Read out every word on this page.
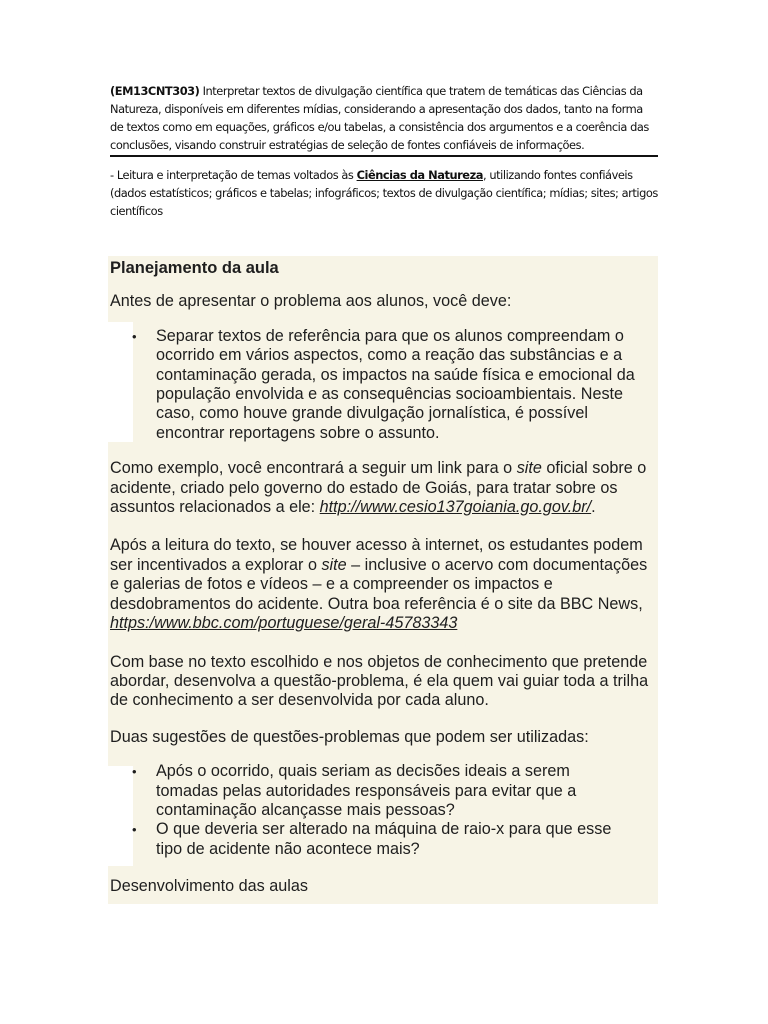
(EM13CNT303) Interpretar textos de divulgação científica que tratem de temáticas das Ciências da Natureza, disponíveis em diferentes mídias, considerando a apresentação dos dados, tanto na forma de textos como em equações, gráficos e/ou tabelas, a consistência dos argumentos e a coerência das conclusões, visando construir estratégias de seleção de fontes confiáveis de informações.
- Leitura e interpretação de temas voltados às Ciências da Natureza, utilizando fontes confiáveis (dados estatísticos; gráficos e tabelas; infográficos; textos de divulgação científica; mídias; sites; artigos científicos

Planejamento da aula

Antes de apresentar o problema aos alunos, você deve:

• Separar textos de referência para que os alunos compreendam o ocorrido em vários aspectos, como a reação das substâncias e a contaminação gerada, os impactos na saúde física e emocional da população envolvida e as consequências socioambientais. Neste caso, como houve grande divulgação jornalística, é possível encontrar reportagens sobre o assunto.

Como exemplo, você encontrará a seguir um link para o site oficial sobre o acidente, criado pelo governo do estado de Goiás, para tratar sobre os assuntos relacionados a ele: http://www.cesio137goiania.go.gov.br/.

Após a leitura do texto, se houver acesso à internet, os estudantes podem ser incentivados a explorar o site – inclusive o acervo com documentações e galerias de fotos e vídeos – e a compreender os impactos e desdobramentos do acidente. Outra boa referência é o site da BBC News, https:/www.bbc.com/portuguese/geral-45783343

Com base no texto escolhido e nos objetos de conhecimento que pretende abordar, desenvolva a questão-problema, é ela quem vai guiar toda a trilha de conhecimento a ser desenvolvida por cada aluno.

Duas sugestões de questões-problemas que podem ser utilizadas:

• Após o ocorrido, quais seriam as decisões ideais a serem tomadas pelas autoridades responsáveis para evitar que a contaminação alcançasse mais pessoas?

• O que deveria ser alterado na máquina de raio-x para que esse tipo de acidente não acontece mais?

Desenvolvimento das aulas
